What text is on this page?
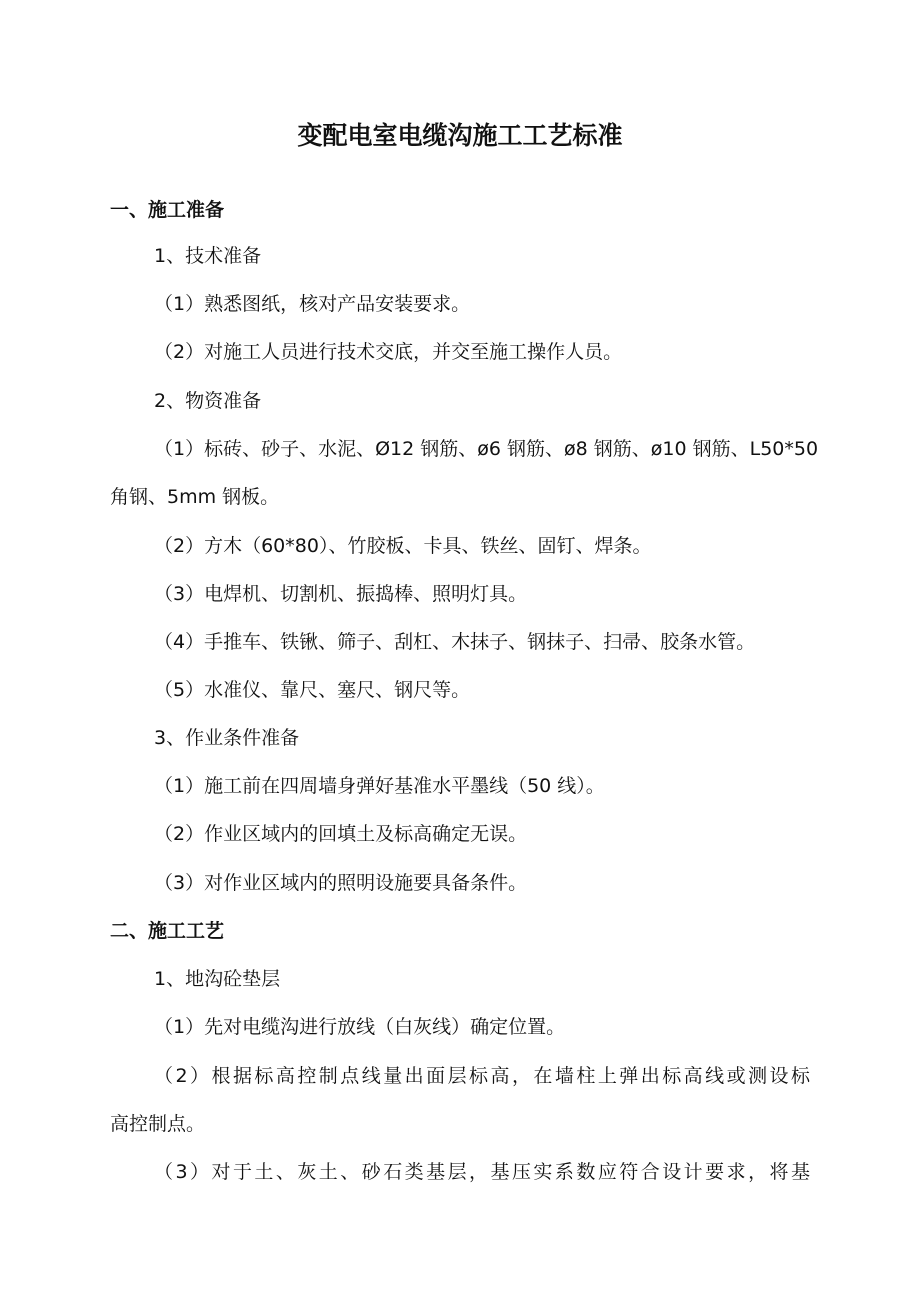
变配电室电缆沟施工工艺标准
一、施工准备
1、技术准备
（1）熟悉图纸，核对产品安装要求。
（2）对施工人员进行技术交底，并交至施工操作人员。
2、物资准备
（1）标砖、砂子、水泥、Ø12 钢筋、ø6 钢筋、ø8 钢筋、ø10 钢筋、L50*50
角钢、5mm 钢板。
（2）方木（60*80）、竹胶板、卡具、铁丝、固钉、焊条。
（3）电焊机、切割机、振捣棒、照明灯具。
（4）手推车、铁锹、筛子、刮杠、木抹子、钢抹子、扫帚、胶条水管。
（5）水准仪、靠尺、塞尺、钢尺等。
3、作业条件准备
（1）施工前在四周墙身弹好基准水平墨线（50 线）。
（2）作业区域内的回填土及标高确定无误。
（3）对作业区域内的照明设施要具备条件。
二、施工工艺
1、地沟砼垫层
（1）先对电缆沟进行放线（白灰线）确定位置。
（2）根据标高控制点线量出面层标高，在墙柱上弹出标高线或测设标
高控制点。
（3）对于土、灰土、砂石类基层，基压实系数应符合设计要求，将基
